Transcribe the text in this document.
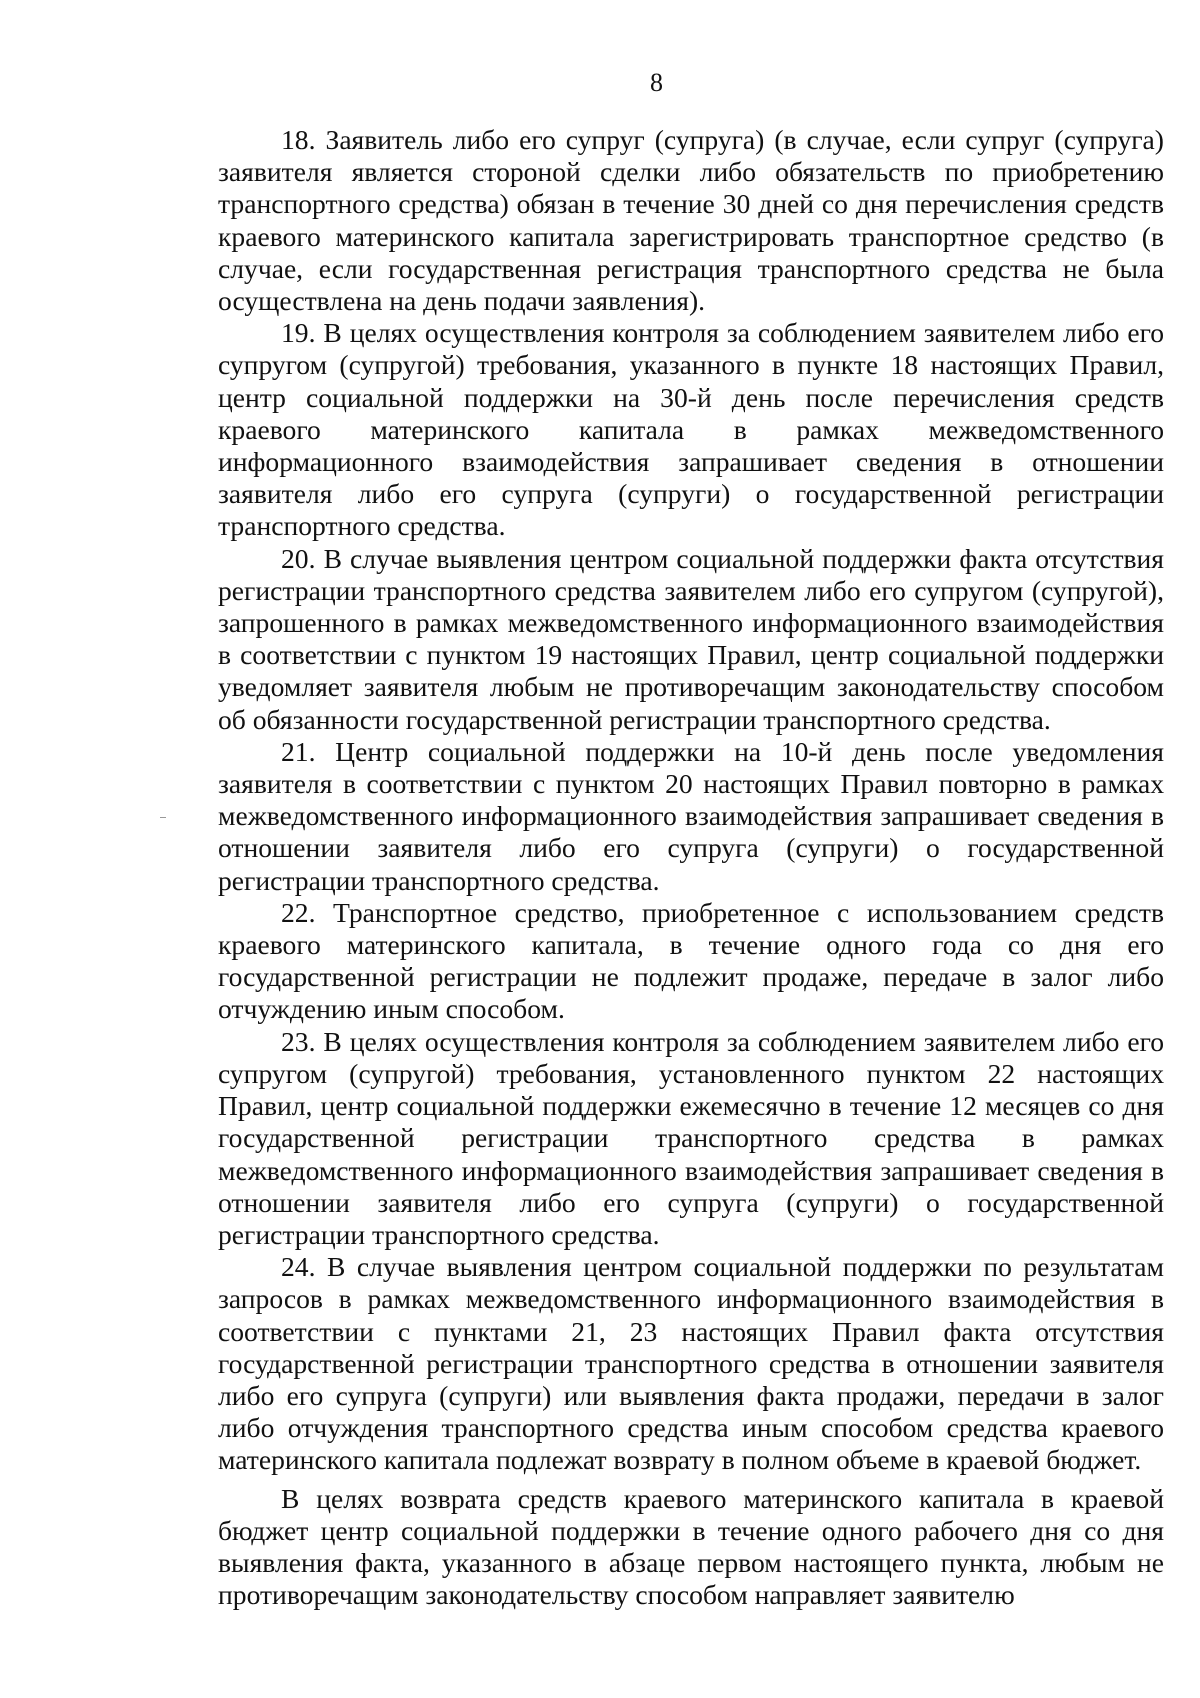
8

18. Заявитель либо его супруг (супруга) (в случае, если супруг (супруга) заявителя является стороной сделки либо обязательств по приобретению транспортного средства) обязан в течение 30 дней со дня перечисления средств краевого материнского капитала зарегистрировать транспортное средство (в случае, если государственная регистрация транспортного средства не была осуществлена на день подачи заявления).

19. В целях осуществления контроля за соблюдением заявителем либо его супругом (супругой) требования, указанного в пункте 18 настоящих Правил, центр социальной поддержки на 30-й день после перечисления средств краевого материнского капитала в рамках межведомственного информационного взаимодействия запрашивает сведения в отношении заявителя либо его супруга (супруги) о государственной регистрации транспортного средства.

20. В случае выявления центром социальной поддержки факта отсутствия регистрации транспортного средства заявителем либо его супругом (супругой), запрошенного в рамках межведомственного информационного взаимодействия в соответствии с пунктом 19 настоящих Правил, центр социальной поддержки уведомляет заявителя любым не противоречащим законодательству способом об обязанности государственной регистрации транспортного средства.

21. Центр социальной поддержки на 10-й день после уведомления заявителя в соответствии с пунктом 20 настоящих Правил повторно в рамках межведомственного информационного взаимодействия запрашивает сведения в отношении заявителя либо его супруга (супруги) о государственной регистрации транспортного средства.

22. Транспортное средство, приобретенное с использованием средств краевого материнского капитала, в течение одного года со дня его государственной регистрации не подлежит продаже, передаче в залог либо отчуждению иным способом.

23. В целях осуществления контроля за соблюдением заявителем либо его супругом (супругой) требования, установленного пунктом 22 настоящих Правил, центр социальной поддержки ежемесячно в течение 12 месяцев со дня государственной регистрации транспортного средства в рамках межведомственного информационного взаимодействия запрашивает сведения в отношении заявителя либо его супруга (супруги) о государственной регистрации транспортного средства.

24. В случае выявления центром социальной поддержки по результатам запросов в рамках межведомственного информационного взаимодействия в соответствии с пунктами 21, 23 настоящих Правил факта отсутствия государственной регистрации транспортного средства в отношении заявителя либо его супруга (супруги) или выявления факта продажи, передачи в залог либо отчуждения транспортного средства иным способом средства краевого материнского капитала подлежат возврату в полном объеме в краевой бюджет.

В целях возврата средств краевого материнского капитала в краевой бюджет центр социальной поддержки в течение одного рабочего дня со дня выявления факта, указанного в абзаце первом настоящего пункта, любым не противоречащим законодательству способом направляет заявителю
